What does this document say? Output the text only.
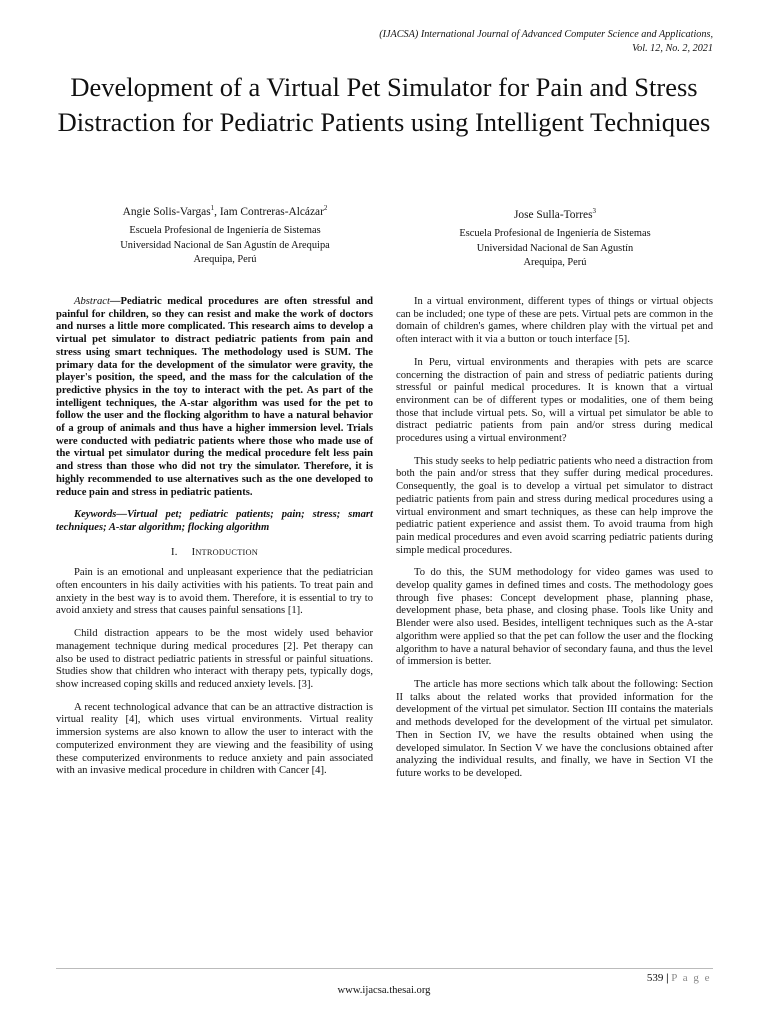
(IJACSA) International Journal of Advanced Computer Science and Applications,
Vol. 12, No. 2, 2021
Development of a Virtual Pet Simulator for Pain and Stress Distraction for Pediatric Patients using Intelligent Techniques
Angie Solis-Vargas$^1$, Iam Contreras-Alcázar$^2$
Escuela Profesional de Ingeniería de Sistemas
Universidad Nacional de San Agustín de Arequipa
Arequipa, Perú
Jose Sulla-Torres$^3$
Escuela Profesional de Ingeniería de Sistemas
Universidad Nacional de San Agustín
Arequipa, Perú

Abstract—Pediatric medical procedures are often stressful and painful for children, so they can resist and make the work of doctors and nurses a little more complicated. This research aims to develop a virtual pet simulator to distract pediatric patients from pain and stress using smart techniques. The methodology used is SUM. The primary data for the development of the simulator were gravity, the player's position, the speed, and the mass for the calculation of the predictive physics in the toy to interact with the pet. As part of the intelligent techniques, the A-star algorithm was used for the pet to follow the user and the flocking algorithm to have a natural behavior of a group of animals and thus have a higher immersion level. Trials were conducted with pediatric patients where those who made use of the virtual pet simulator during the medical procedure felt less pain and stress than those who did not try the simulator. Therefore, it is highly recommended to use alternatives such as the one developed to reduce pain and stress in pediatric patients.

Keywords—Virtual pet; pediatric patients; pain; stress; smart techniques; A-star algorithm; flocking algorithm

I. INTRODUCTION

Pain is an emotional and unpleasant experience that the pediatrician often encounters in his daily activities with his patients. To treat pain and anxiety in the best way is to avoid them. Therefore, it is essential to try to avoid anxiety and stress that causes painful sensations [1].

Child distraction appears to be the most widely used behavior management technique during medical procedures [2]. Pet therapy can also be used to distract pediatric patients in stressful or painful situations. Studies show that children who interact with therapy pets, typically dogs, show increased coping skills and reduced anxiety levels. [3].

A recent technological advance that can be an attractive distraction is virtual reality [4], which uses virtual environments. Virtual reality immersion systems are also known to allow the user to interact with the computerized environment they are viewing and the feasibility of using these computerized environments to reduce anxiety and pain associated with an invasive medical procedure in children with Cancer [4].

In a virtual environment, different types of things or virtual objects can be included; one type of these are pets. Virtual pets are common in the domain of children's games, where children play with the virtual pet and often interact with it via a button or touch interface [5].

In Peru, virtual environments and therapies with pets are scarce concerning the distraction of pain and stress of pediatric patients during stressful or painful medical procedures. It is known that a virtual environment can be of different types or modalities, one of them being those that include virtual pets. So, will a virtual pet simulator be able to distract pediatric patients from pain and/or stress during medical procedures using a virtual environment?

This study seeks to help pediatric patients who need a distraction from both the pain and/or stress that they suffer during medical procedures. Consequently, the goal is to develop a virtual pet simulator to distract pediatric patients from pain and stress during medical procedures using a virtual environment and smart techniques, as these can help improve the pediatric patient experience and assist them. To avoid trauma from high pain medical procedures and even avoid scarring pediatric patients during simple medical procedures.

To do this, the SUM methodology for video games was used to develop quality games in defined times and costs. The methodology goes through five phases: Concept development phase, planning phase, development phase, beta phase, and closing phase. Tools like Unity and Blender were also used. Besides, intelligent techniques such as the A-star algorithm were applied so that the pet can follow the user and the flocking algorithm to have a natural behavior of secondary fauna, and thus the level of immersion is better.

The article has more sections which talk about the following: Section II talks about the related works that provided information for the development of the virtual pet simulator. Section III contains the materials and methods developed for the development of the virtual pet simulator. Then in Section IV, we have the results obtained when using the developed simulator. In Section V we have the conclusions obtained after analyzing the individual results, and finally, we have in Section VI the future works to be developed.

539 | P a g e
www.ijacsa.thesai.org
